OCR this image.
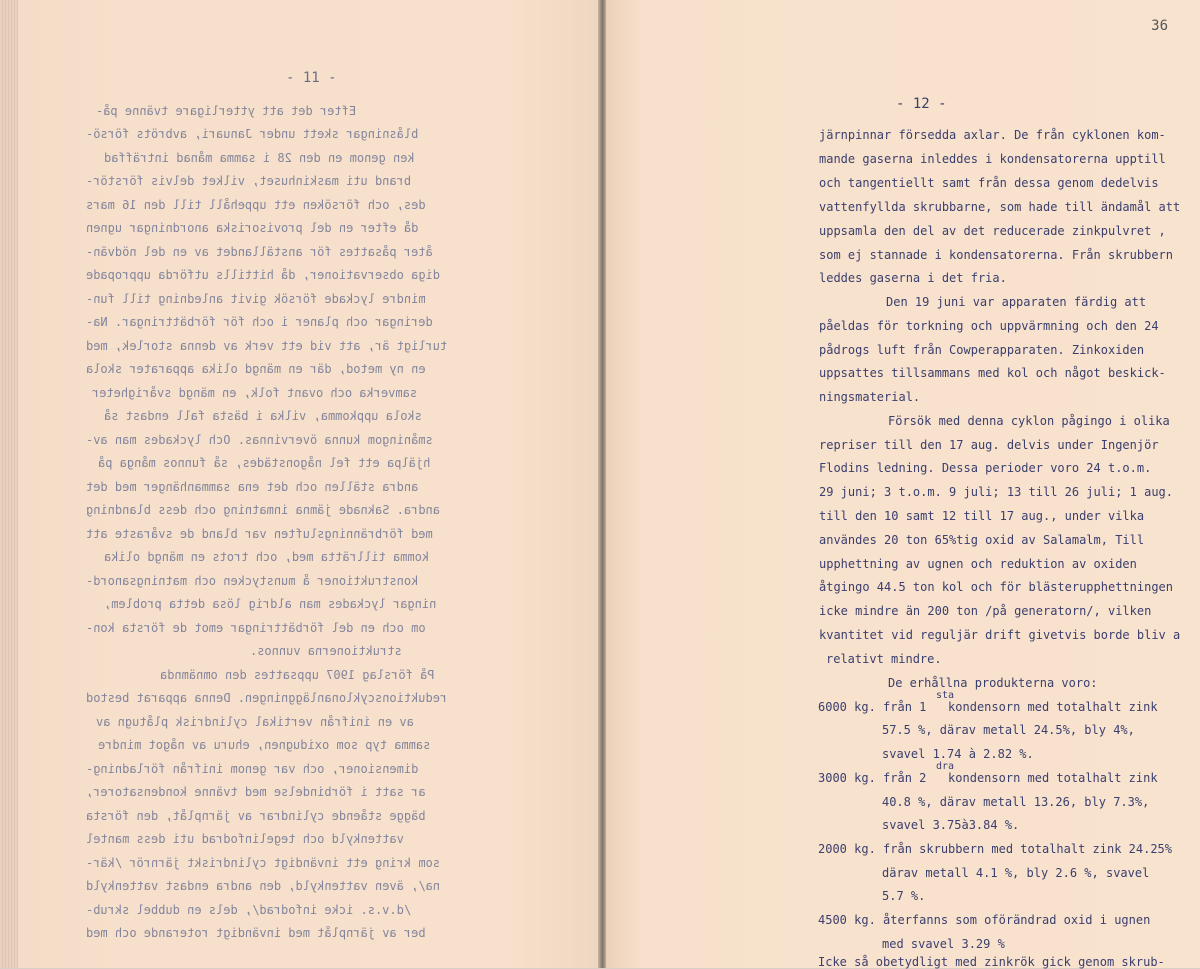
- 11 -
Efter det att ytterligare tvänne på-
blåsningar skett under Januari, avbröts försö-
ken genom en den 28 i samma månad inträffad
brand uti maskinhuset, vilket delvis förstör-
des, och försöken ett uppehåll till den 16 mars
då efter en del provisoriska anordningar ugnen
åter påsattes för anställandet av en del nödvän-
diga observationer, då hittills utförda uppropade
mindre lyckade försök givit anledning till fun-
deringar och planer i och för förbättringar. Na-
turligt är, att vid ett verk av denna storlek, med
en ny metod, där en mängd olika apparater skola
samverka och ovant folk, en mängd svårigheter
skola uppkomma, vilka i bästa fall endast så
småningom kunna övervinnas. Och lyckades man av-
hjälpa ett fel någonstädes, så funnos många på
andra ställen och det ena sammanhänger med det
andra. Saknade jämna inmatning och dess blandning
med förbränningsluften var bland de svåraste att
komma tillrätta med, och trots en mängd olika
konstruktioner å munstycken och matningsanord-
ningar lyckades man aldrig lösa detta problem,
om och en del förbättringar emot de första kon-
struktionerna vunnos.
På förslag 1907 uppsattes den omnämnda
reduktionscyklonanläggningen. Denna apparat bestod
av en inifrån vertikal cylindrisk plåtugn av
samma typ som oxidugnen, ehuru av något mindre
dimensioner, och var genom inifrån förladning-
ar satt i förbindelse med tvänne kondensatorer,
bägge stående cylindrar av järnplåt, den första
vattenkyld och tegelinfodrad uti dess mantel
som kring ett invändigt cylindriskt järnrör /kär-
na/, även vattenkyld, den andra endast vattenkyld
/d.v.s. icke infodrad/, dels en dubbel skrub-
ber av järnplåt med invändigt roterande och med
36
- 12 -
järnpinnar försedda axlar. De från cyklonen kom-
mande gaserna inleddes i kondensatorerna upptill
och tangentiellt samt från dessa genom dedelvis
vattenfyllda skrubbarne, som hade till ändamål att
uppsamla den del av det reducerade zinkpulvret ,
som ej stannade i kondensatorerna. Från skrubbern
leddes gaserna i det fria.
Den 19 juni var apparaten färdig att
påeldas för torkning och uppvärmning och den 24
pådrogs luft från Cowperapparaten. Zinkoxiden
uppsattes tillsammans med kol och något beskick-
ningsmaterial.
Försök med denna cyklon pågingo i olika
repriser till den 17 aug. delvis under Ingenjör
Flodins ledning. Dessa perioder voro 24 t.o.m.
29 juni; 3 t.o.m. 9 juli; 13 till 26 juli; 1 aug.
till den 10 samt 12 till 17 aug., under vilka
användes 20 ton 65%tig oxid av Salamalm, Till
upphettning av ugnen och reduktion av oxiden
åtgingo 44.5 ton kol och för blästerupphettningen
icke mindre än 200 ton /på generatorn/, vilken
kvantitet vid reguljär drift givetvis borde bliv a
relativt mindre.
De erhållna produkterna voro:
6000 kg. från 1   kondensorn med totalhalt zink
57.5 %, därav metall 24.5%, bly 4%,
svavel 1.74 à 2.82 %.
3000 kg. från 2   kondensorn med totalhalt zink
40.8 %, därav metall 13.26, bly 7.3%,
svavel 3.75à3.84 %.
2000 kg. från skrubbern med totalhalt zink 24.25%
därav metall 4.1 %, bly 2.6 %, svavel
5.7 %.
4500 kg. återfanns som oförändrad oxid i ugnen
med svavel 3.29 %
Icke så obetydligt med zinkrök gick genom skrub-
sta
dra
